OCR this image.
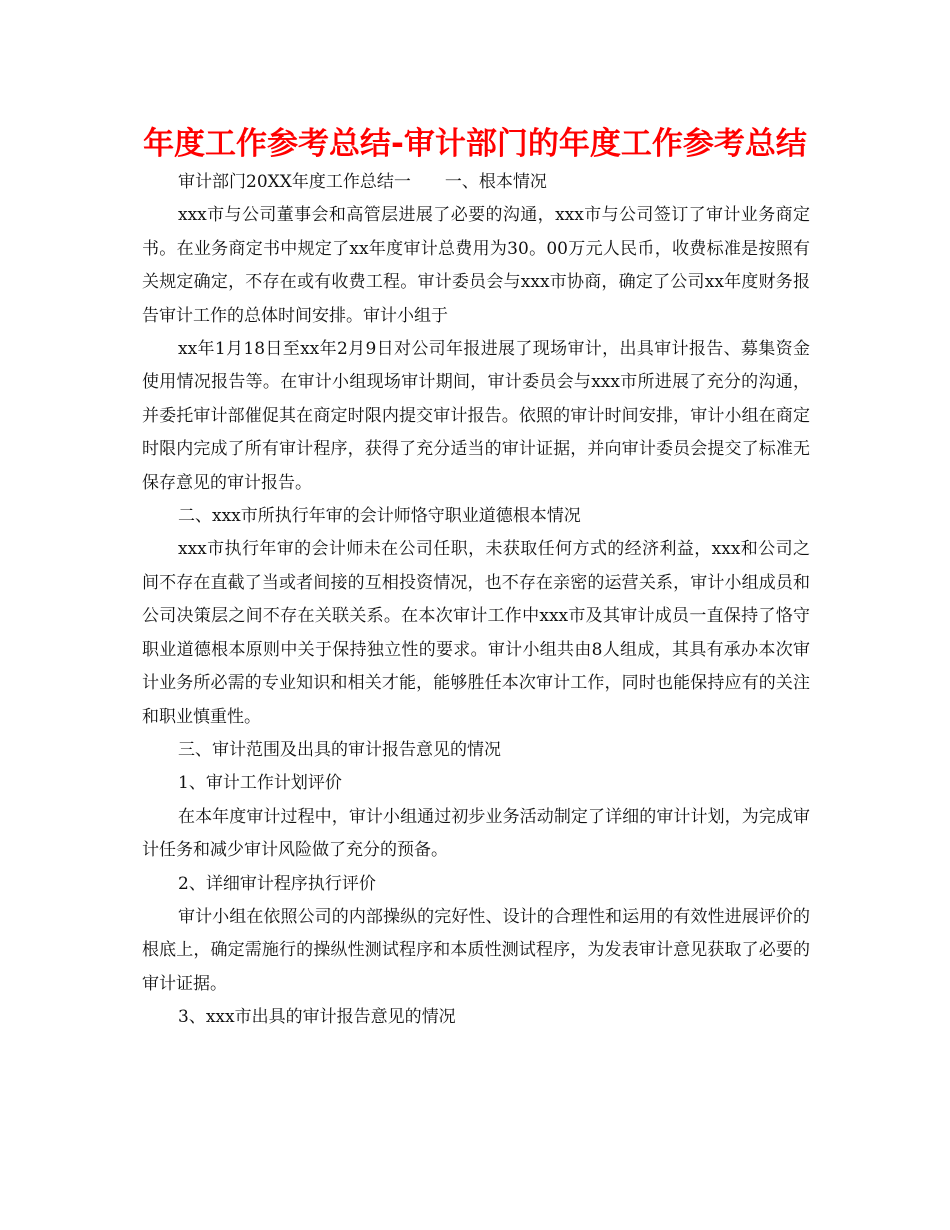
年度工作参考总结-审计部门的年度工作参考总结

审计部门20XX年度工作总结一　　一、根本情况

xxx市与公司董事会和高管层进展了必要的沟通，xxx市与公司签订了审计业务商定书。在业务商定书中规定了xx年度审计总费用为30。00万元人民币，收费标准是按照有关规定确定，不存在或有收费工程。审计委员会与xxx市协商，确定了公司xx年度财务报告审计工作的总体时间安排。审计小组于

xx年1月18日至xx年2月9日对公司年报进展了现场审计，出具审计报告、募集资金使用情况报告等。在审计小组现场审计期间，审计委员会与xxx市所进展了充分的沟通，并委托审计部催促其在商定时限内提交审计报告。依照的审计时间安排，审计小组在商定时限内完成了所有审计程序，获得了充分适当的审计证据，并向审计委员会提交了标准无保存意见的审计报告。

二、xxx市所执行年审的会计师恪守职业道德根本情况

xxx市执行年审的会计师未在公司任职，未获取任何方式的经济利益，xxx和公司之间不存在直截了当或者间接的互相投资情况，也不存在亲密的运营关系，审计小组成员和公司决策层之间不存在关联关系。在本次审计工作中xxx市及其审计成员一直保持了恪守职业道德根本原则中关于保持独立性的要求。审计小组共由8人组成，其具有承办本次审计业务所必需的专业知识和相关才能，能够胜任本次审计工作，同时也能保持应有的关注和职业慎重性。

三、审计范围及出具的审计报告意见的情况

1、审计工作计划评价

在本年度审计过程中，审计小组通过初步业务活动制定了详细的审计计划，为完成审计任务和减少审计风险做了充分的预备。

2、详细审计程序执行评价

审计小组在依照公司的内部操纵的完好性、设计的合理性和运用的有效性进展评价的根底上，确定需施行的操纵性测试程序和本质性测试程序，为发表审计意见获取了必要的审计证据。

3、xxx市出具的审计报告意见的情况
